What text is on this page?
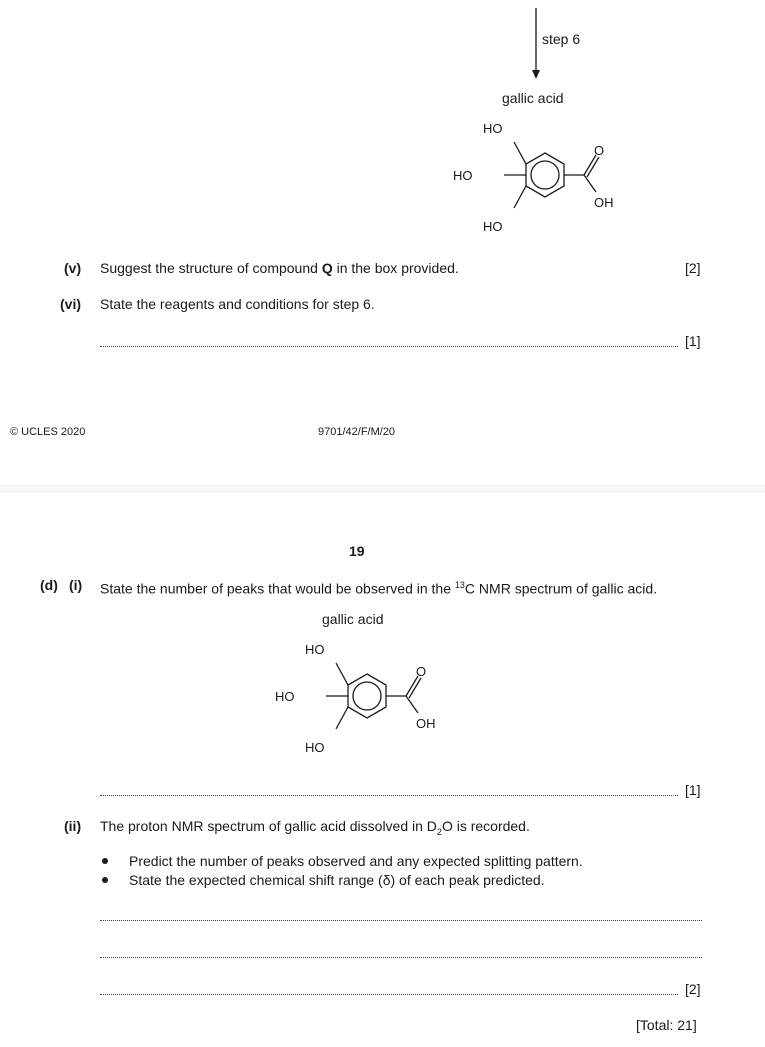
step 6
gallic acid
HO
HO
HO
O
OH
(v) Suggest the structure of compound Q in the box provided.	[2]
(vi) State the reagents and conditions for step 6.
[1]
© UCLES 2020	9701/42/F/M/20
19
(d) (i) State the number of peaks that would be observed in the $^{13}$C NMR spectrum of gallic acid.
gallic acid
HO
HO
HO
O
OH
[1]
(ii) The proton NMR spectrum of gallic acid dissolved in $D_2O$ is recorded.
Predict the number of peaks observed and any expected splitting pattern.
State the expected chemical shift range (δ) of each peak predicted.
[2]
[Total: 21]
